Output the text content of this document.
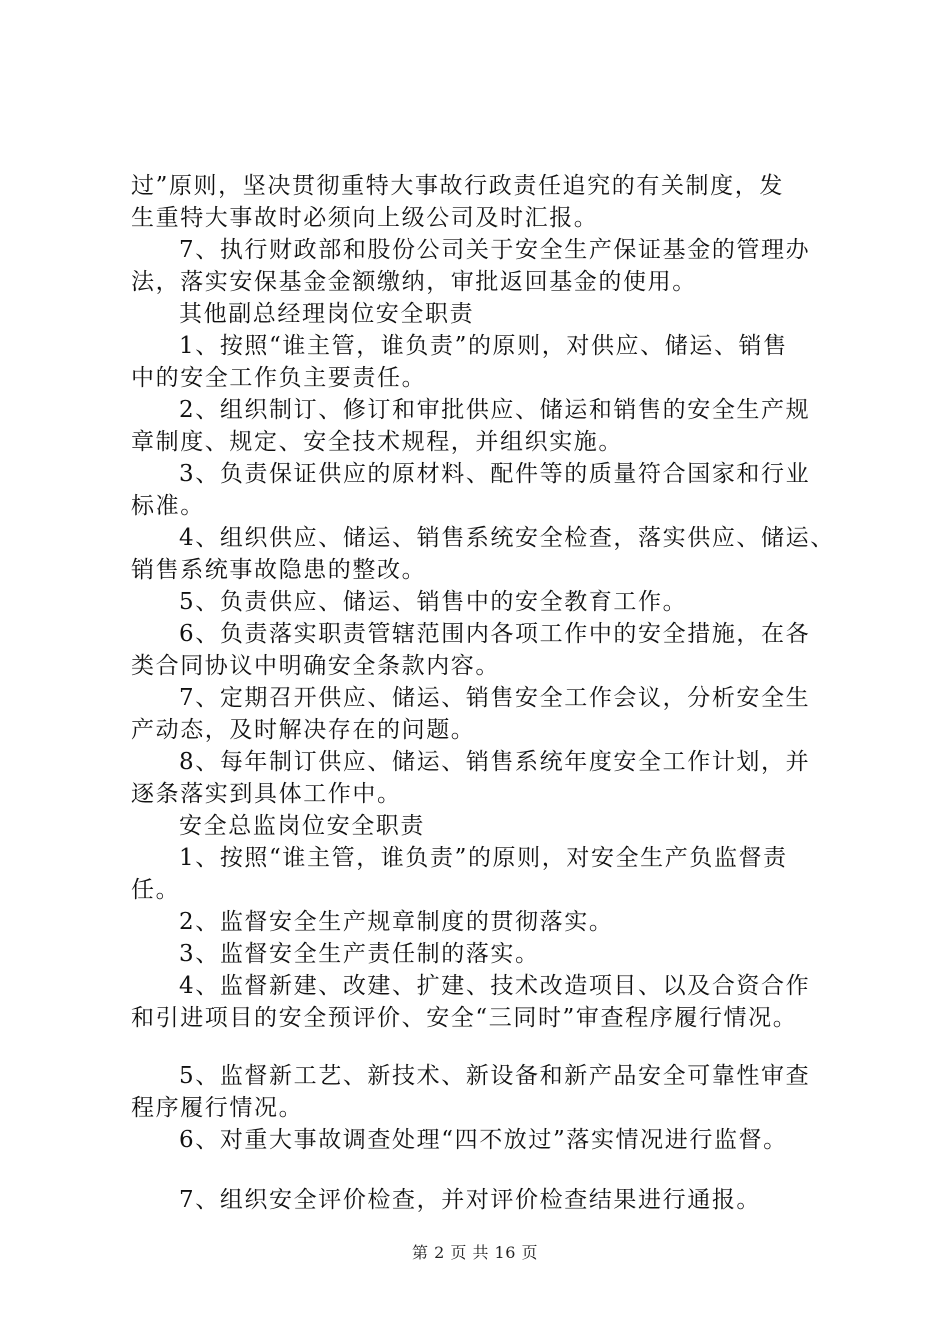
过”原则，坚决贯彻重特大事故行政责任追究的有关制度，发
生重特大事故时必须向上级公司及时汇报。
7、执行财政部和股份公司关于安全生产保证基金的管理办
法，落实安保基金金额缴纳，审批返回基金的使用。
其他副总经理岗位安全职责
1、按照“谁主管，谁负责”的原则，对供应、储运、销售
中的安全工作负主要责任。
2、组织制订、修订和审批供应、储运和销售的安全生产规
章制度、规定、安全技术规程，并组织实施。
3、负责保证供应的原材料、配件等的质量符合国家和行业
标准。
4、组织供应、储运、销售系统安全检查，落实供应、储运、
销售系统事故隐患的整改。
5、负责供应、储运、销售中的安全教育工作。
6、负责落实职责管辖范围内各项工作中的安全措施，在各
类合同协议中明确安全条款内容。
7、定期召开供应、储运、销售安全工作会议，分析安全生
产动态，及时解决存在的问题。
8、每年制订供应、储运、销售系统年度安全工作计划，并
逐条落实到具体工作中。
安全总监岗位安全职责
1、按照“谁主管，谁负责”的原则，对安全生产负监督责
任。
2、监督安全生产规章制度的贯彻落实。
3、监督安全生产责任制的落实。
4、监督新建、改建、扩建、技术改造项目、以及合资合作
和引进项目的安全预评价、安全“三同时”审查程序履行情况。
5、监督新工艺、新技术、新设备和新产品安全可靠性审查
程序履行情况。
6、对重大事故调查处理“四不放过”落实情况进行监督。
7、组织安全评价检查，并对评价检查结果进行通报。
第 2 页 共 16 页
